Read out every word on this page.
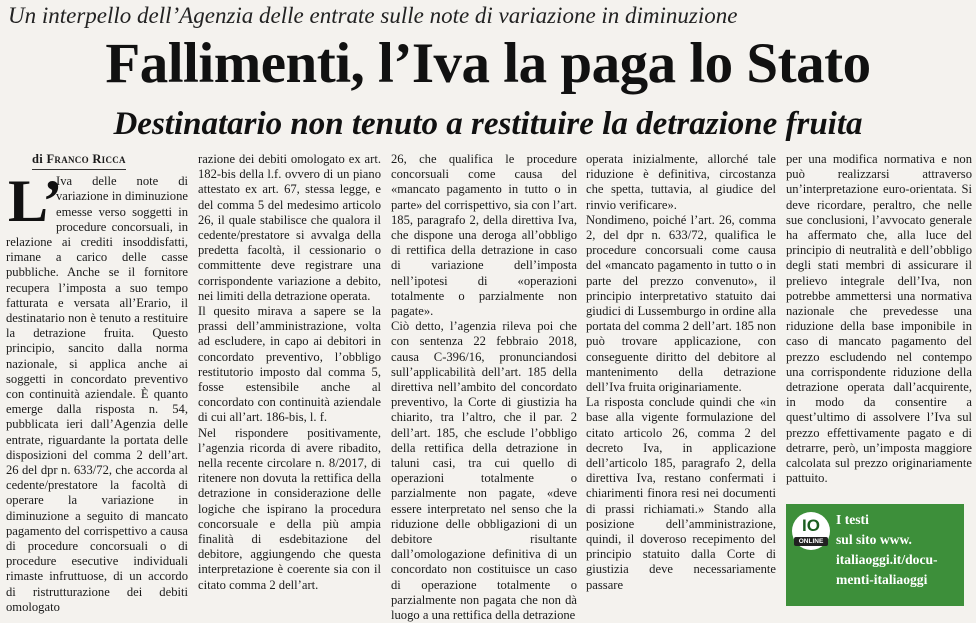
Un interpello dell’Agenzia delle entrate sulle note di variazione in diminuzione
Fallimenti, l’Iva la paga lo Stato
Destinatario non tenuto a restituire la detrazione fruita
di Franco Ricca

L’
Iva delle note di variazione in diminuzione emesse verso soggetti in procedure concorsuali, in relazione ai crediti insoddisfatti, rimane a carico delle casse pubbliche. Anche se il fornitore recupera l’imposta a suo tempo fatturata e versata all’Erario, il destinatario non è tenuto a restituire la detrazione fruita. Questo principio, sancito dalla norma nazionale, si applica anche ai soggetti in concordato preventivo con continuità aziendale. È quanto emerge dalla risposta n. 54, pubblicata ieri dall’Agenzia delle entrate, riguardante la portata delle disposizioni del comma 2 dell’art. 26 del dpr n. 633/72, che accorda al cedente/prestatore la facoltà di operare la variazione in diminuzione a seguito di mancato pagamento del corrispettivo a causa di procedure concorsuali o di procedure esecutive individuali rimaste infruttuose, di un accordo di ristrutturazione dei debiti omologato

razione dei debiti omologato ex art. 182-bis della l.f. ovvero di un piano attestato ex art. 67, stessa legge, e del comma 5 del medesimo articolo 26, il quale stabilisce che qualora il cedente/prestatore si avvalga della predetta facoltà, il cessionario o committente deve registrare una corrispondente variazione a debito, nei limiti della detrazione operata.

Il quesito mirava a sapere se la prassi dell’amministrazione, volta ad escludere, in capo ai debitori in concordato preventivo, l’obbligo restitutorio imposto dal comma 5, fosse estensibile anche al concordato con continuità aziendale di cui all’art. 186-bis, l. f.

Nel rispondere positivamente, l’agenzia ricorda di avere ribadito, nella recente circolare n. 8/2017, di ritenere non dovuta la rettifica della detrazione in considerazione delle logiche che ispirano la procedura concorsuale e della più ampia finalità di esdebitazione del debitore, aggiungendo che questa interpretazione è coerente sia con il citato comma 2 dell’art.

26, che qualifica le procedure concorsuali come causa del «mancato pagamento in tutto o in parte» del corrispettivo, sia con l’art. 185, paragrafo 2, della direttiva Iva, che dispone una deroga all’obbligo di rettifica della detrazione in caso di variazione dell’imposta nell’ipotesi di «operazioni totalmente o parzialmente non pagate».

Ciò detto, l’agenzia rileva poi che con sentenza 22 febbraio 2018, causa C-396/16, pronunciandosi sull’applicabilità dell’art. 185 della direttiva nell’ambito del concordato preventivo, la Corte di giustizia ha chiarito, tra l’altro, che il par. 2 dell’art. 185, che esclude l’obbligo della rettifica della detrazione in taluni casi, tra cui quello di operazioni totalmente o parzialmente non pagate, «deve essere interpretato nel senso che la riduzione delle obbligazioni di un debitore risultante dall’omologazione definitiva di un concordato non costituisce un caso di operazione totalmente o parzialmente non pagata che non dà luogo a una rettifica della detrazione

operata inizialmente, allorché tale riduzione è definitiva, circostanza che spetta, tuttavia, al giudice del rinvio verificare».

Nondimeno, poiché l’art. 26, comma 2, del dpr n. 633/72, qualifica le procedure concorsuali come causa del «mancato pagamento in tutto o in parte del prezzo convenuto», il principio interpretativo statuito dai giudici di Lussemburgo in ordine alla portata del comma 2 dell’art. 185 non può trovare applicazione, con conseguente diritto del debitore al mantenimento della detrazione dell’Iva fruita originariamente.

La risposta conclude quindi che «in base alla vigente formulazione del citato articolo 26, comma 2 del decreto Iva, in applicazione dell’articolo 185, paragrafo 2, della direttiva Iva, restano confermati i chiarimenti finora resi nei documenti di prassi richiamati.» Stando alla posizione dell’amministrazione, quindi, il doveroso recepimento del principio statuito dalla Corte di giustizia deve necessariamente passare

per una modifica normativa e non può realizzarsi attraverso un’interpretazione euro-orientata. Si deve ricordare, peraltro, che nelle sue conclusioni, l’avvocato generale ha affermato che, alla luce del principio di neutralità e dell’obbligo degli stati membri di assicurare il prelievo integrale dell’Iva, non potrebbe ammettersi una normativa nazionale che prevedesse una riduzione della base imponibile in caso di mancato pagamento del prezzo escludendo nel contempo una corrispondente riduzione della detrazione operata dall’acquirente, in modo da consentire a quest’ultimo di assolvere l’Iva sul prezzo effettivamente pagato e di detrarre, però, un’imposta maggiore calcolata sul prezzo originariamente pattuito.

IO
ONLINE
I testi
sul sito www.
italiaoggi.it/docu-
menti-italiaoggi
